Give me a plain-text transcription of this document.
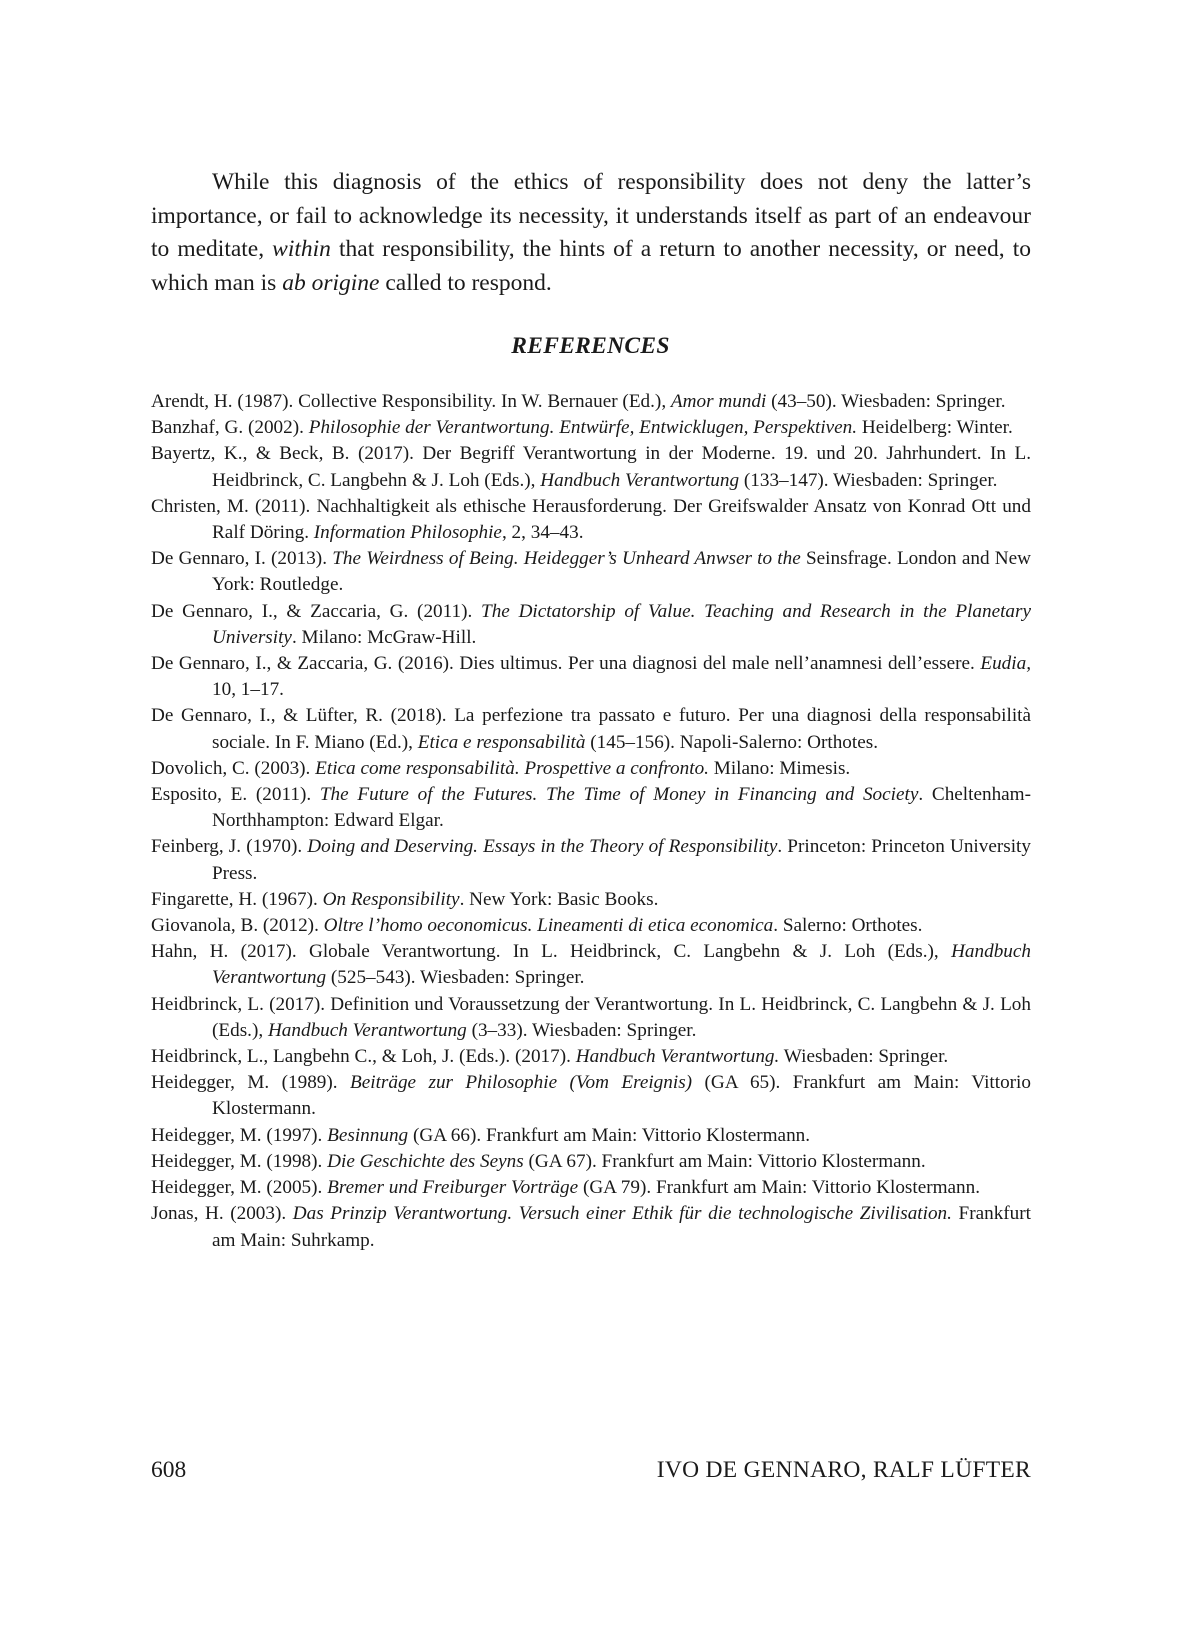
While this diagnosis of the ethics of responsibility does not deny the latter’s importance, or fail to acknowledge its necessity, it understands itself as part of an endeavour to meditate, within that responsibility, the hints of a return to another ne­cessity, or need, to which man is ab origine called to respond.

REFERENCES
Arendt, H. (1987). Collective Responsibility. In W. Bernauer (Ed.), Amor mundi (43–50). Wiesbaden: Springer.
Banzhaf, G. (2002). Philosophie der Verantwortung. Entwürfe, Entwicklugen, Perspektiven. Heidelberg: Winter.
Bayertz, K., & Beck, B. (2017). Der Begriff Verantwortung in der Moderne. 19. und 20. Jahrhundert. In L. Heidbrinck, C. Langbehn & J. Loh (Eds.), Handbuch Verantwortung (133–147). Wiesbaden: Springer.
Christen, M. (2011). Nachhaltigkeit als ethische Herausforderung. Der Greifswalder Ansatz von Kon­rad Ott und Ralf Döring. Information Philosophie, 2, 34–43.
De Gennaro, I. (2013). The Weirdness of Being. Heidegger’s Unheard Anwser to the Seinsfrage. London and New York: Routledge.
De Gennaro, I., & Zaccaria, G. (2011). The Dictatorship of Value. Teaching and Research in the Planetary University. Milano: McGraw-Hill.
De Gennaro, I., & Zaccaria, G. (2016). Dies ultimus. Per una diagnosi del male nell’anamnesi dell’esse­re. Eudia, 10, 1–17.
De Gennaro, I., & Lüfter, R. (2018). La perfezione tra passato e futuro. Per una diagnosi della respon­sabilità sociale. In F. Miano (Ed.), Etica e responsabilità (145–156). Napoli-Salerno: Orthotes.
Dovolich, C. (2003). Etica come responsabilità. Prospettive a confronto. Milano: Mimesis.
Esposito, E. (2011). The Future of the Futures. The Time of Money in Financing and Society. Chelten­ham-Northhampton: Edward Elgar.
Feinberg, J. (1970). Doing and Deserving. Essays in the Theory of Responsibility. Princeton: Princeton University Press.
Fingarette, H. (1967). On Responsibility. New York: Basic Books.
Giovanola, B. (2012). Oltre l’homo oeconomicus. Lineamenti di etica economica. Salerno: Orthotes.
Hahn, H. (2017). Globale Verantwortung. In L. Heidbrinck, C. Langbehn & J. Loh (Eds.), Handbuch Verantwortung (525–543). Wiesbaden: Springer.
Heidbrinck, L. (2017). Definition und Voraussetzung der Verantwortung. In L. Heidbrinck, C. Lang­behn & J. Loh (Eds.), Handbuch Verantwortung (3–33). Wiesbaden: Springer.
Heidbrinck, L., Langbehn C., & Loh, J. (Eds.). (2017). Handbuch Verantwortung. Wiesbaden: Springer.
Heidegger, M. (1989). Beiträge zur Philosophie (Vom Ereignis) (GA 65). Frankfurt am Main: Vittorio Klostermann.
Heidegger, M. (1997). Besinnung (GA 66). Frankfurt am Main: Vittorio Klostermann.
Heidegger, M. (1998). Die Geschichte des Seyns (GA 67). Frankfurt am Main: Vittorio Klostermann.
Heidegger, M. (2005). Bremer und Freiburger Vorträge (GA 79). Frankfurt am Main: Vittorio Kloster­mann.
Jonas, H. (2003). Das Prinzip Verantwortung. Versuch einer Ethik für die technologische Zivilisation. Frankfurt am Main: Suhrkamp.

608	IVO DE GENNARO, RALF LÜFTER
